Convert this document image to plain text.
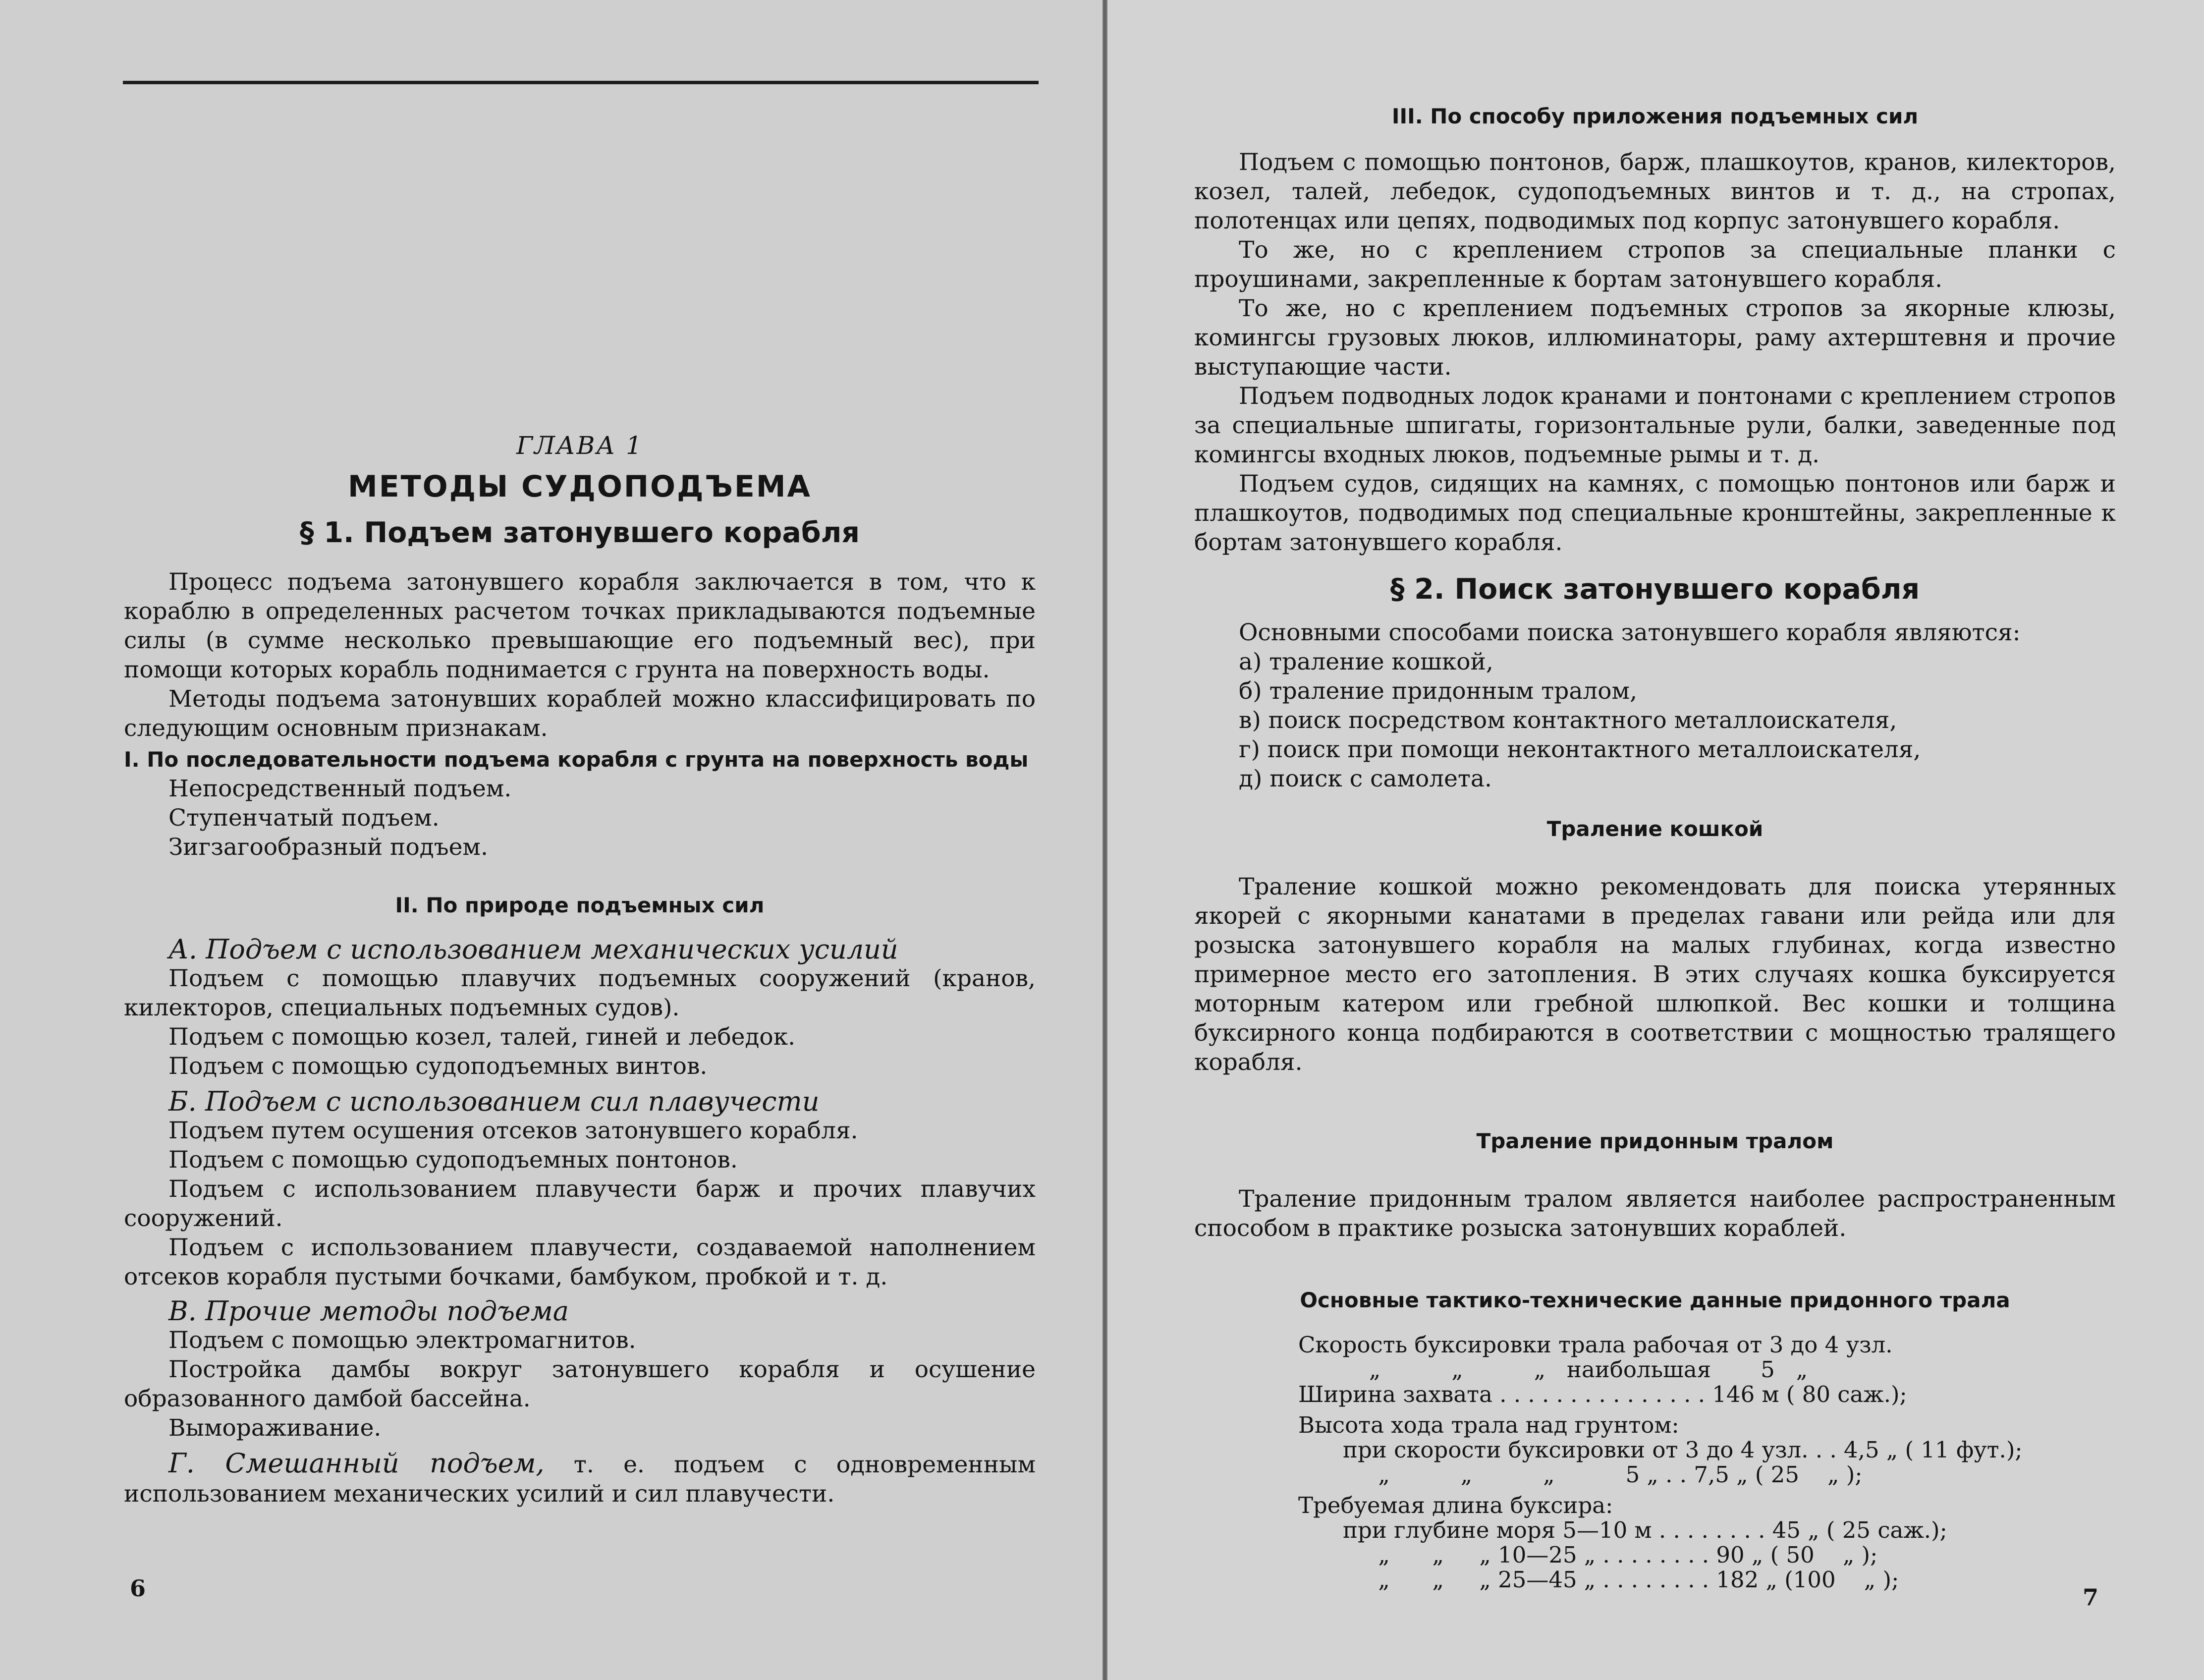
ГЛАВА 1

МЕТОДЫ СУДОПОДЪЕМА

§ 1. Подъем затонувшего корабля

Процесс подъема затонувшего корабля заключается в том, что к кораблю в определенных расчетом точках прикладываются подъемные силы (в сумме несколько превышающие его подъемный вес), при помощи которых корабль поднимается с грунта на поверхность воды.

Методы подъема затонувших кораблей можно классифицировать по следующим основным признакам.

I. По последовательности подъема корабля с грунта на поверхность воды

Непосредственный подъем.

Ступенчатый подъем.

Зигзагообразный подъем.

II. По природе подъемных сил

А. Подъем с использованием механических усилий

Подъем с помощью плавучих подъемных сооружений (кранов, килекторов, специальных подъемных судов).

Подъем с помощью козел, талей, гиней и лебедок.

Подъем с помощью судоподъемных винтов.

Б. Подъем с использованием сил плавучести

Подъем путем осушения отсеков затонувшего корабля.

Подъем с помощью судоподъемных понтонов.

Подъем с использованием плавучести барж и прочих плавучих сооружений.

Подъем с использованием плавучести, создаваемой наполнением отсеков корабля пустыми бочками, бамбуком, пробкой и т. д.

В. Прочие методы подъема

Подъем с помощью электромагнитов.

Постройка дамбы вокруг затонувшего корабля и осушение образованного дамбой бассейна.

Вымораживание.

Г. Смешанный подъем, т. е. подъем с одновременным использованием механических усилий и сил плавучести.

6

III. По способу приложения подъемных сил

Подъем с помощью понтонов, барж, плашкоутов, кранов, килекторов, козел, талей, лебедок, судоподъемных винтов и т. д., на стропах, полотенцах или цепях, подводимых под корпус затонувшего корабля.

То же, но с креплением стропов за специальные планки с проушинами, закрепленные к бортам затонувшего корабля.

То же, но с креплением подъемных стропов за якорные клюзы, комингсы грузовых люков, иллюминаторы, раму ахтерштевня и прочие выступающие части.

Подъем подводных лодок кранами и понтонами с креплением стропов за специальные шпигаты, горизонтальные рули, балки, заведенные под комингсы входных люков, подъемные рымы и т. д.

Подъем судов, сидящих на камнях, с помощью понтонов или барж и плашкоутов, подводимых под специальные кронштейны, закрепленные к бортам затонувшего корабля.

§ 2. Поиск затонувшего корабля

Основными способами поиска затонувшего корабля являются:

а) траление кошкой,

б) траление придонным тралом,

в) поиск посредством контактного металлоискателя,

г) поиск при помощи неконтактного металлоискателя,

д) поиск с самолета.

Траление кошкой

Траление кошкой можно рекомендовать для поиска утерянных якорей с якорными канатами в пределах гавани или рейда или для розыска затонувшего корабля на малых глубинах, когда известно примерное место его затопления. В этих случаях кошка буксируется моторным катером или гребной шлюпкой. Вес кошки и толщина буксирного конца подбираются в соответствии с мощностью тралящего корабля.

Траление придонным тралом

Траление придонным тралом является наиболее распространенным способом в практике розыска затонувших кораблей.

Основные тактико-технические данные придонного трала

Скорость буксировки трала рабочая от 3 до 4 узл.

„          „          „   наибольшая       5   „

Ширина захвата . . . . . . . . . . . . . . . 146 м ( 80 саж.);

Высота хода трала над грунтом:

при скорости буксировки от 3 до 4 узл. . . 4,5 „ ( 11 фут.);

„          „          „          5 „ . . 7,5 „ ( 25    „ );

Требуемая длина буксира:

при глубине моря 5—10 м . . . . . . . . 45 „ ( 25 саж.);

„      „     „ 10—25 „ . . . . . . . . 90 „ ( 50    „ );

„      „     „ 25—45 „ . . . . . . . . 182 „ (100    „ );

7
